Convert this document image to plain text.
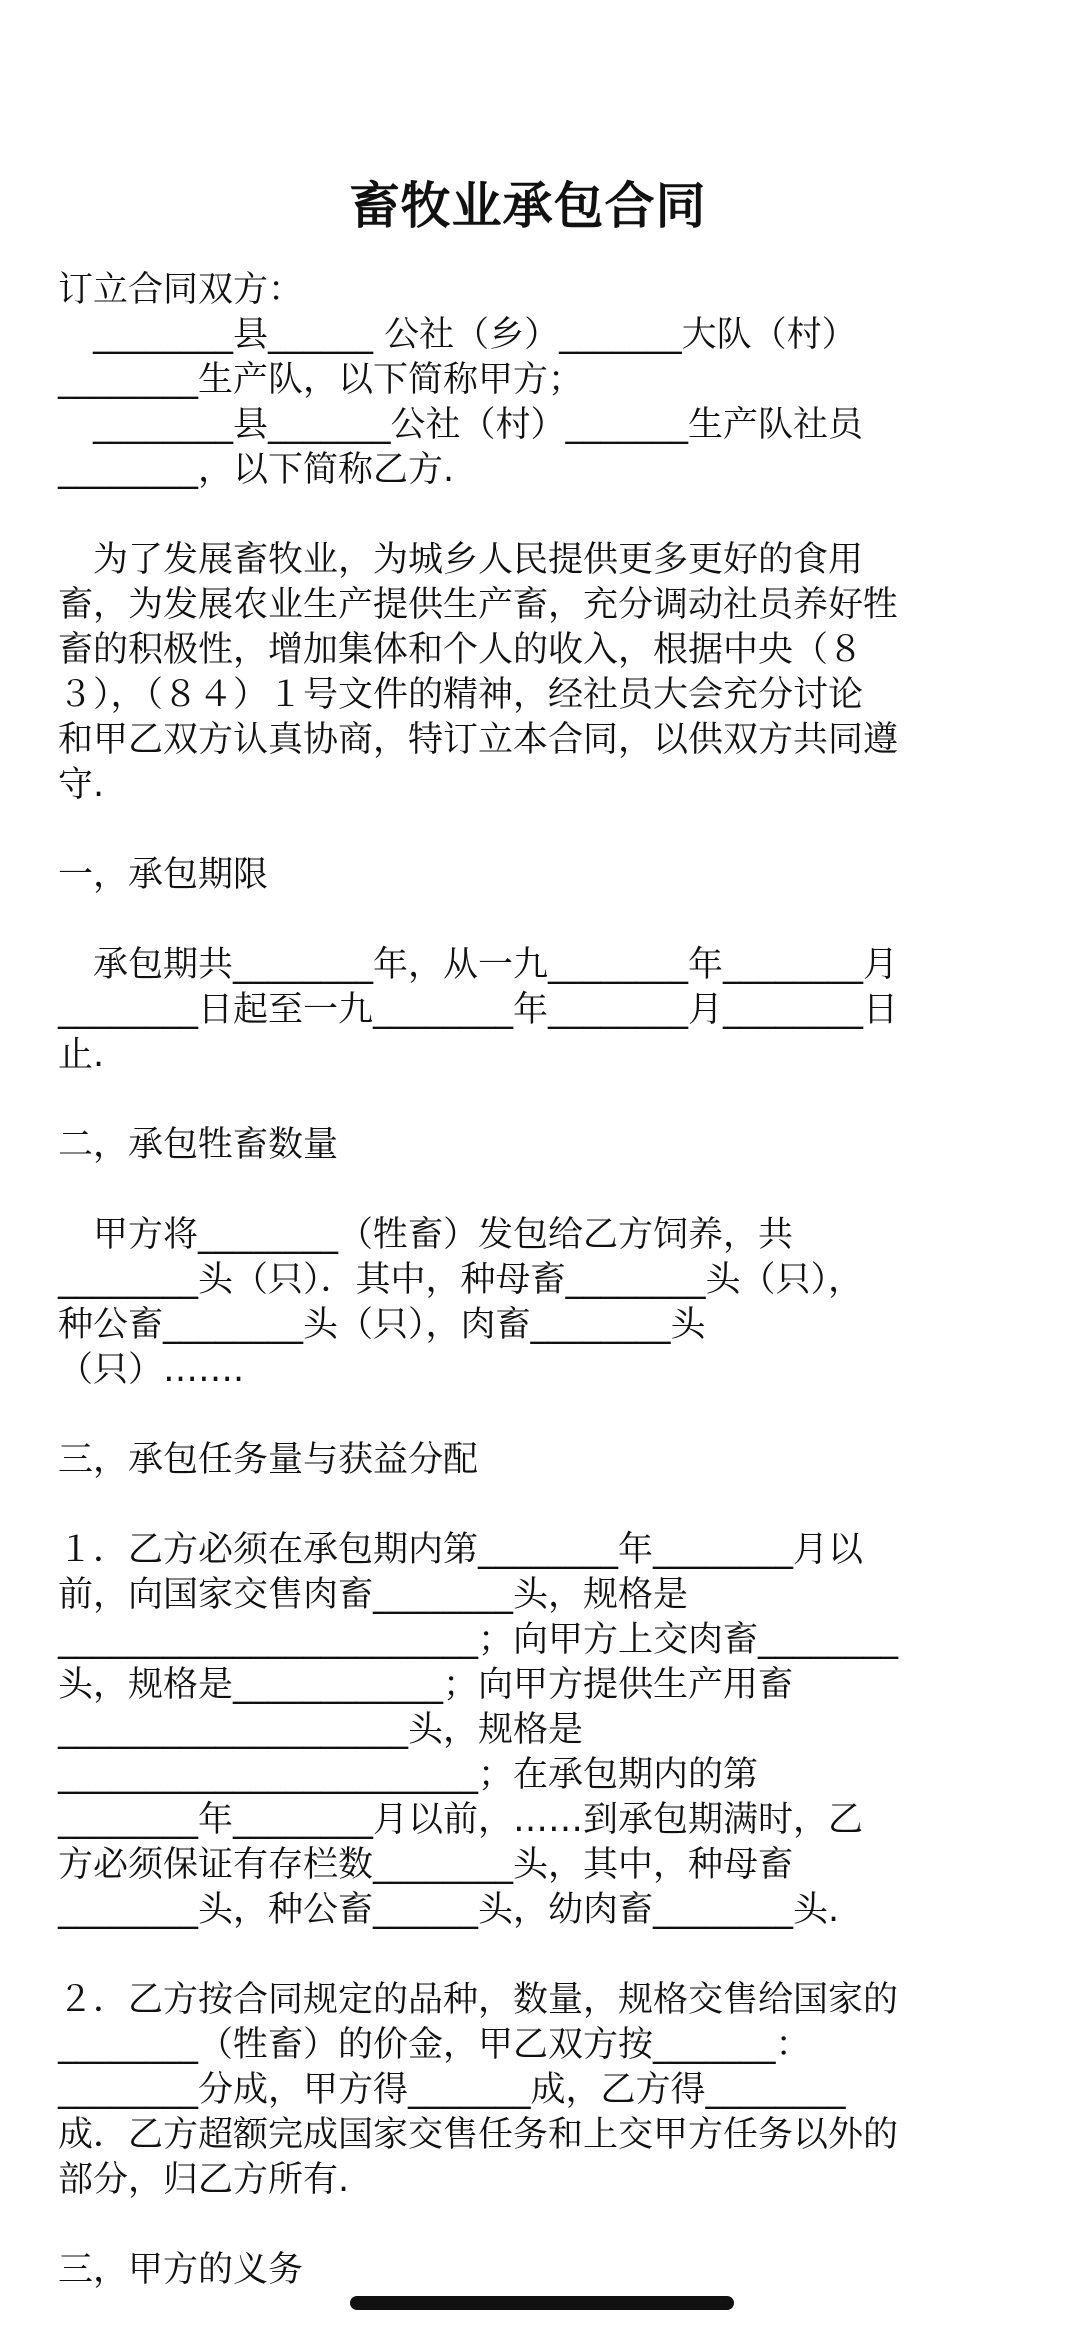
畜牧业承包合同
订立合同双方：
　________县______ 公社（乡）_______大队（村）
________生产队，以下简称甲方；
　________县_______公社（村）_______生产队社员
________，以下简称乙方.
　为了发展畜牧业，为城乡人民提供更多更好的食用
畜，为发展农业生产提供生产畜，充分调动社员养好牲
畜的积极性，增加集体和个人的收入，根据中央（８
３），（８４）１号文件的精神，经社员大会充分讨论
和甲乙双方认真协商，特订立本合同，以供双方共同遵
守.
一，承包期限
　承包期共________年，从一九________年________月
________日起至一九________年________月________日
止.
二，承包牲畜数量
　甲方将________（牲畜）发包给乙方饲养，共
________头（只）．其中，种母畜________头（只），
种公畜________头（只），肉畜________头
（只）…….
三，承包任务量与获益分配
１．乙方必须在承包期内第________年________月以
前，向国家交售肉畜________头，规格是
________________________；向甲方上交肉畜________
头，规格是____________；向甲方提供生产用畜
____________________头，规格是
________________________；在承包期内的第
________年________月以前，……到承包期满时，乙
方必须保证有存栏数________头，其中，种母畜
________头，种公畜______头，幼肉畜________头.
２．乙方按合同规定的品种，数量，规格交售给国家的
________（牲畜）的价金，甲乙双方按_______：
________分成，甲方得_______成，乙方得________
成．乙方超额完成国家交售任务和上交甲方任务以外的
部分，归乙方所有.
三，甲方的义务
